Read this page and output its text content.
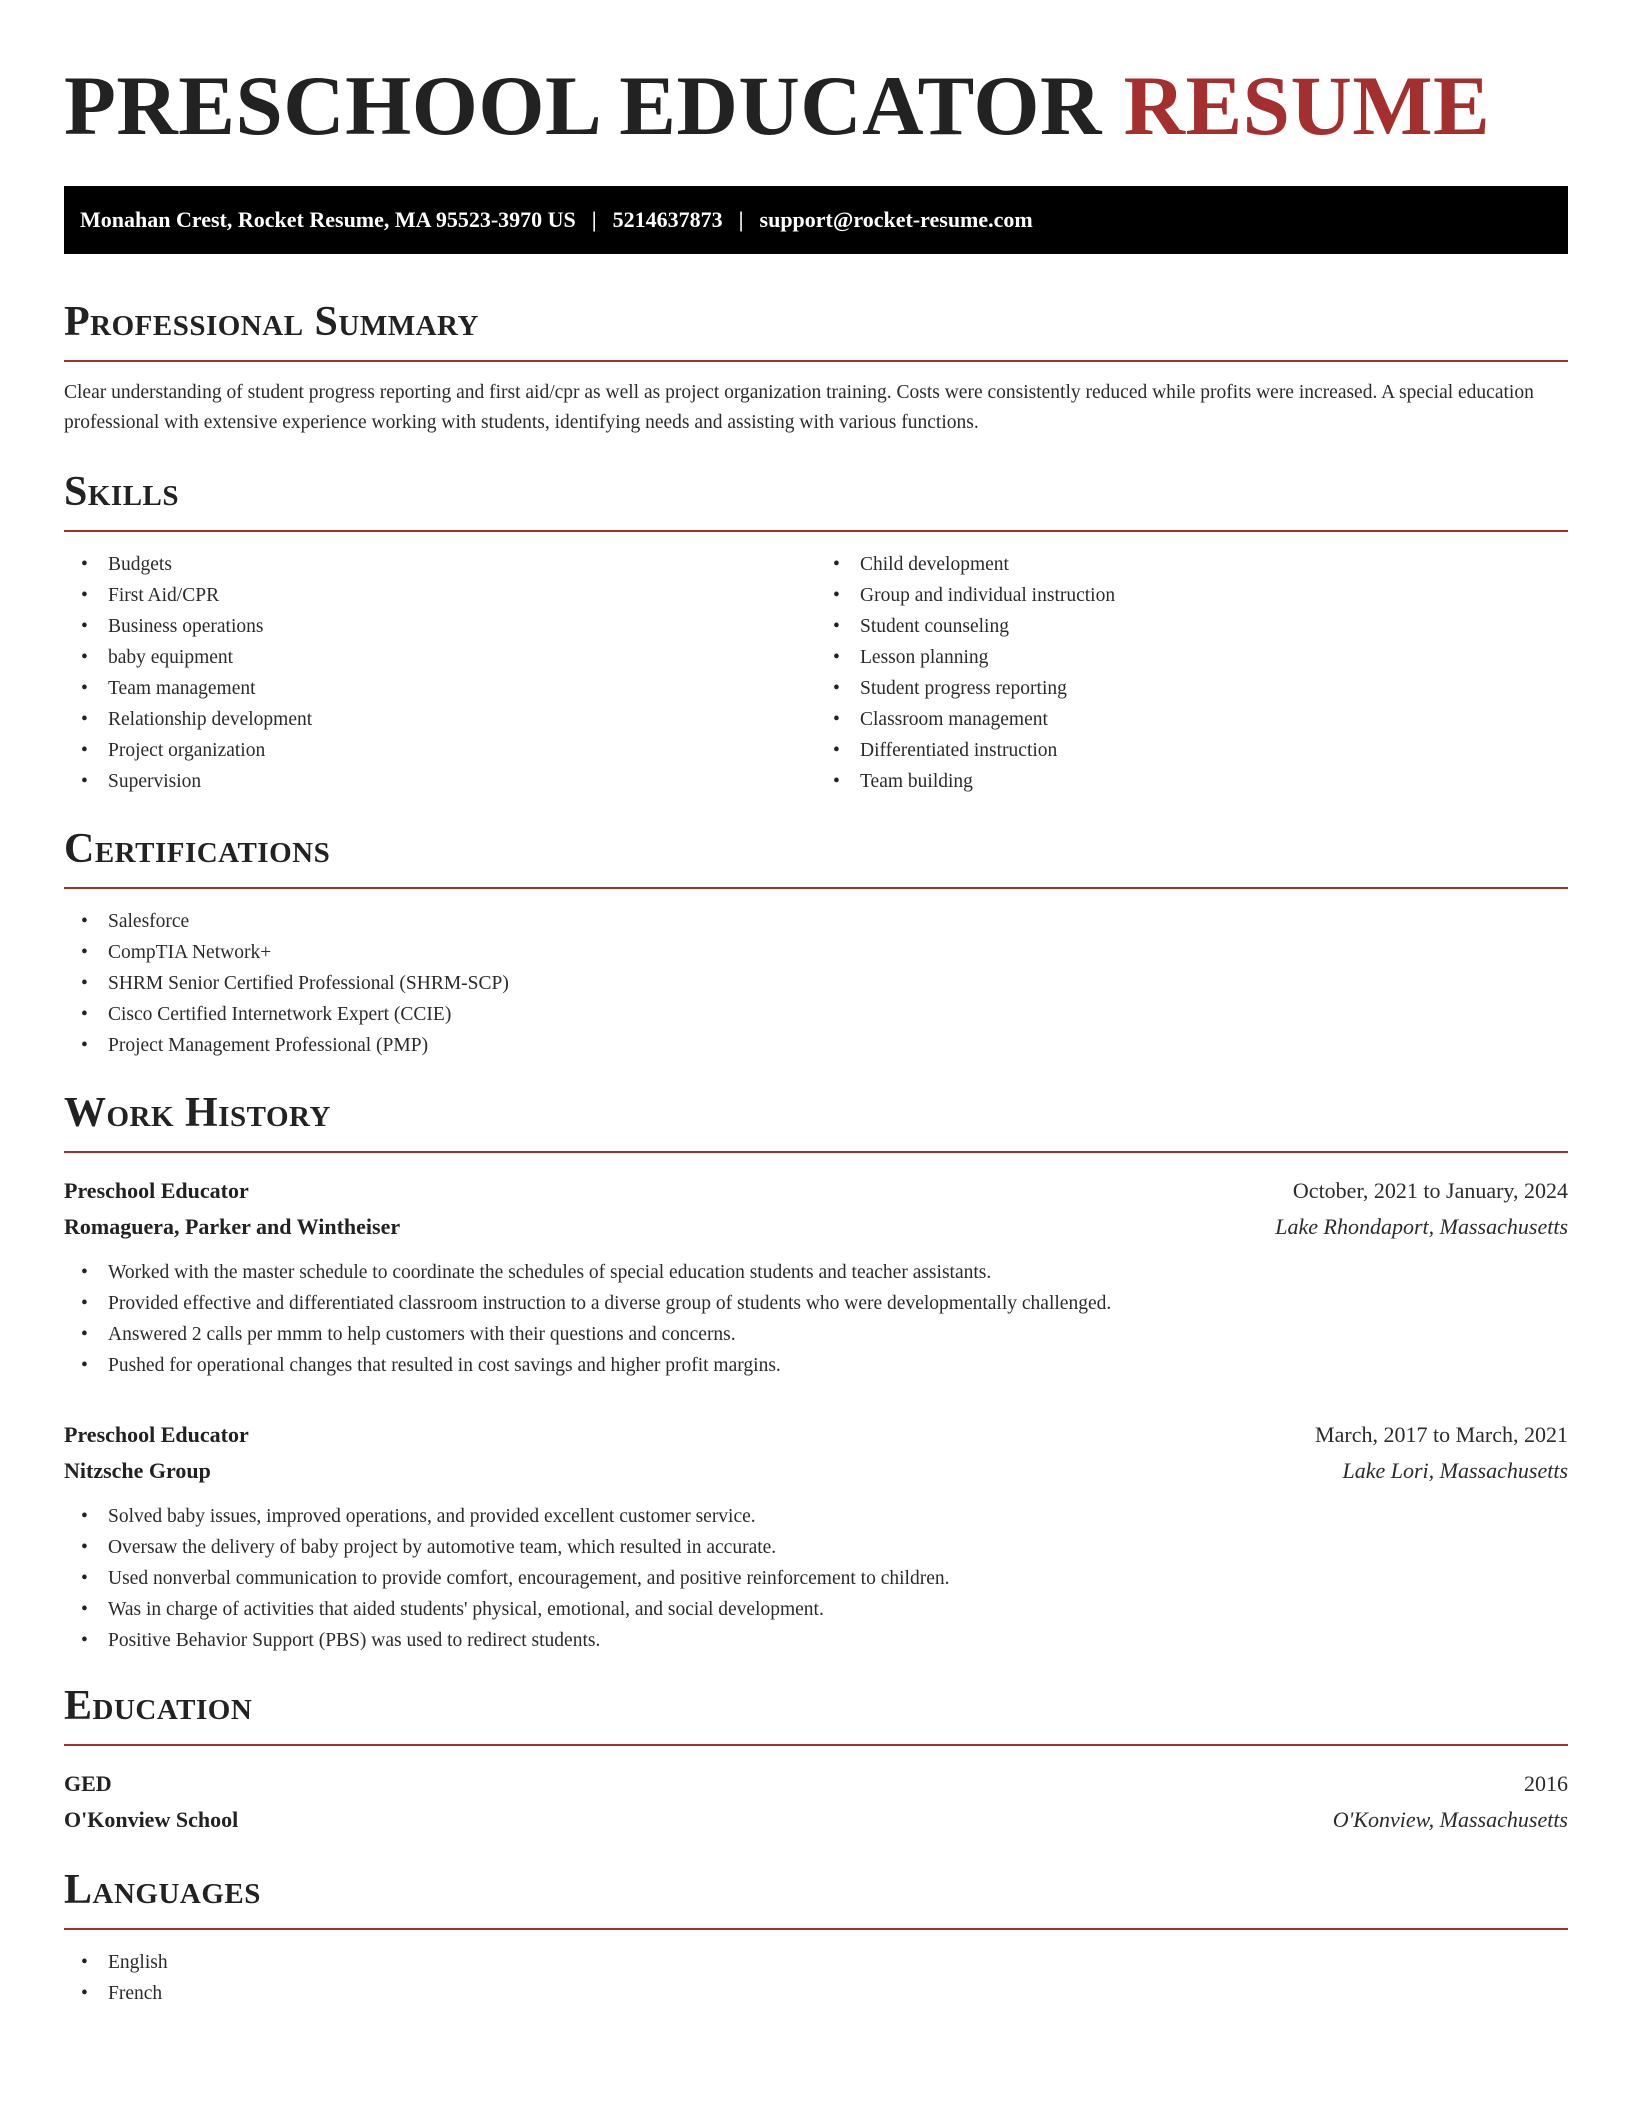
PRESCHOOL EDUCATOR RESUME
Monahan Crest, Rocket Resume, MA 95523-3970 US | 5214637873 | support@rocket-resume.com
Professional Summary

Clear understanding of student progress reporting and first aid/cpr as well as project organization training. Costs were consistently reduced while profits were increased. A special education professional with extensive experience working with students, identifying needs and assisting with various functions.

Skills
• Budgets
• First Aid/CPR
• Business operations
• baby equipment
• Team management
• Relationship development
• Project organization
• Supervision
• Child development
• Group and individual instruction
• Student counseling
• Lesson planning
• Student progress reporting
• Classroom management
• Differentiated instruction
• Team building
Certifications
• Salesforce
• CompTIA Network+
• SHRM Senior Certified Professional (SHRM-SCP)
• Cisco Certified Internetwork Expert (CCIE)
• Project Management Professional (PMP)
Work History
Preschool Educator	October, 2021 to January, 2024
Romaguera, Parker and Wintheiser	Lake Rhondaport, Massachusetts
• Worked with the master schedule to coordinate the schedules of special education students and teacher assistants.
• Provided effective and differentiated classroom instruction to a diverse group of students who were developmentally challenged.
• Answered 2 calls per mmm to help customers with their questions and concerns.
• Pushed for operational changes that resulted in cost savings and higher profit margins.
Preschool Educator	March, 2017 to March, 2021
Nitzsche Group	Lake Lori, Massachusetts
• Solved baby issues, improved operations, and provided excellent customer service.
• Oversaw the delivery of baby project by automotive team, which resulted in accurate.
• Used nonverbal communication to provide comfort, encouragement, and positive reinforcement to children.
• Was in charge of activities that aided students' physical, emotional, and social development.
• Positive Behavior Support (PBS) was used to redirect students.
Education
GED	2016
O'Konview School	O'Konview, Massachusetts
Languages
• English
• French
